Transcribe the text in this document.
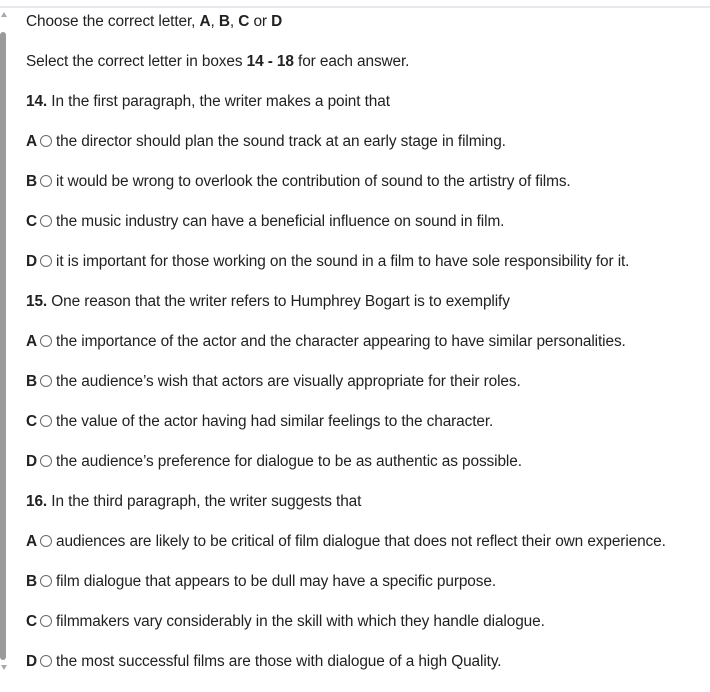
Choose the correct letter, A, B, C or D
Select the correct letter in boxes 14 - 18 for each answer.
14. In the first paragraph, the writer makes a point that
A the director should plan the sound track at an early stage in filming.
B it would be wrong to overlook the contribution of sound to the artistry of films.
C the music industry can have a beneficial influence on sound in film.
D it is important for those working on the sound in a film to have sole responsibility for it.
15. One reason that the writer refers to Humphrey Bogart is to exemplify
A the importance of the actor and the character appearing to have similar personalities.
B the audience’s wish that actors are visually appropriate for their roles.
C the value of the actor having had similar feelings to the character.
D the audience’s preference for dialogue to be as authentic as possible.
16. In the third paragraph, the writer suggests that
A audiences are likely to be critical of film dialogue that does not reflect their own experience.
B film dialogue that appears to be dull may have a specific purpose.
C filmmakers vary considerably in the skill with which they handle dialogue.
D the most successful films are those with dialogue of a high Quality.
